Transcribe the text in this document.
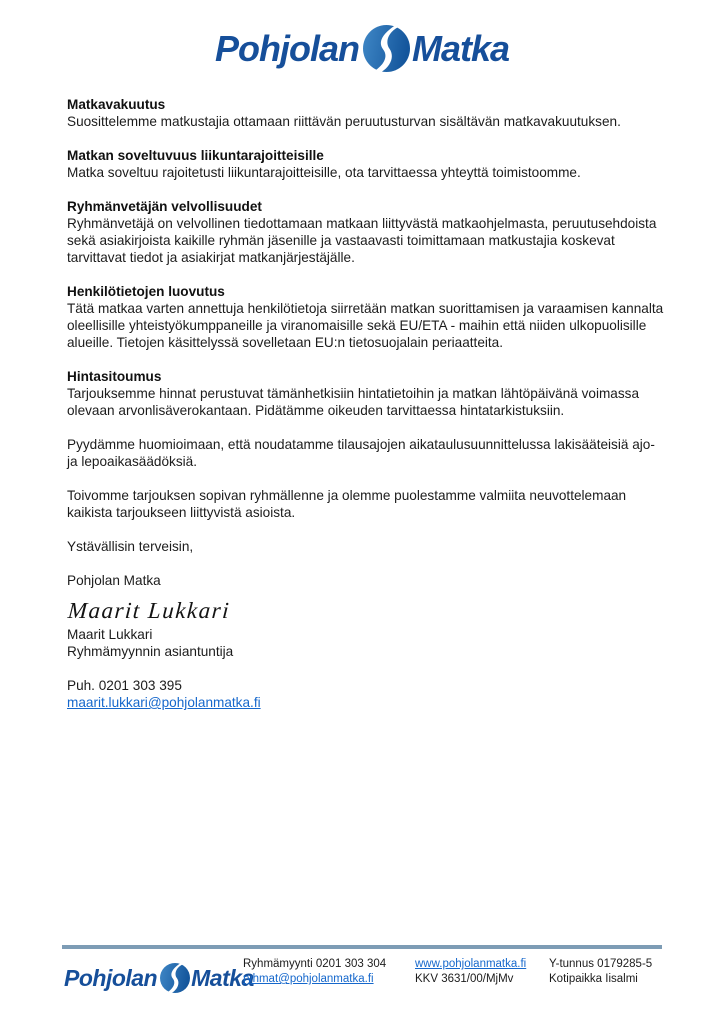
Pohjolan Matka
Matkavakuutus

Suosittelemme matkustajia ottamaan riittävän peruutusturvan sisältävän matkavakuutuksen.

Matkan soveltuvuus liikuntarajoitteisille

Matka soveltuu rajoitetusti liikuntarajoitteisille, ota tarvittaessa yhteyttä toimistoomme.

Ryhmänvetäjän velvollisuudet

Ryhmänvetäjä on velvollinen tiedottamaan matkaan liittyvästä matkaohjelmasta, peruutusehdoista sekä asiakirjoista kaikille ryhmän jäsenille ja vastaavasti toimittamaan matkustajia koskevat tarvittavat tiedot ja asiakirjat matkanjärjestäjälle.

Henkilötietojen luovutus

Tätä matkaa varten annettuja henkilötietoja siirretään matkan suorittamisen ja varaamisen kannalta oleellisille yhteistyökumppaneille ja viranomaisille sekä EU/ETA - maihin että niiden ulkopuolisille alueille. Tietojen käsittelyssä sovelletaan EU:n tietosuojalain periaatteita.

Hintasitoumus

Tarjouksemme hinnat perustuvat tämänhetkisiin hintatietoihin ja matkan lähtöpäivänä voimassa olevaan arvonlisäverokantaan. Pidätämme oikeuden tarvittaessa hintatarkistuksiin.

Pyydämme huomioimaan, että noudatamme tilausajojen aikataulusuunnittelussa lakisääteisiä ajo- ja lepoaikasäädöksiä.

Toivomme tarjouksen sopivan ryhmällenne ja olemme puolestamme valmiita neuvottelemaan kaikista tarjoukseen liittyvistä asioista.

Ystävällisin terveisin,

Pohjolan Matka

Maarit Lukkari

Maarit Lukkari

Ryhmämyynnin asiantuntija

Puh. 0201 303 395

maarit.lukkari@pohjolanmatka.fi

Pohjolan Matka
Ryhmämyynti 0201 303 304
ryhmat@pohjolanmatka.fi
www.pohjolanmatka.fi
KKV 3631/00/MjMv
Y-tunnus 0179285-5
Kotipaikka Iisalmi
